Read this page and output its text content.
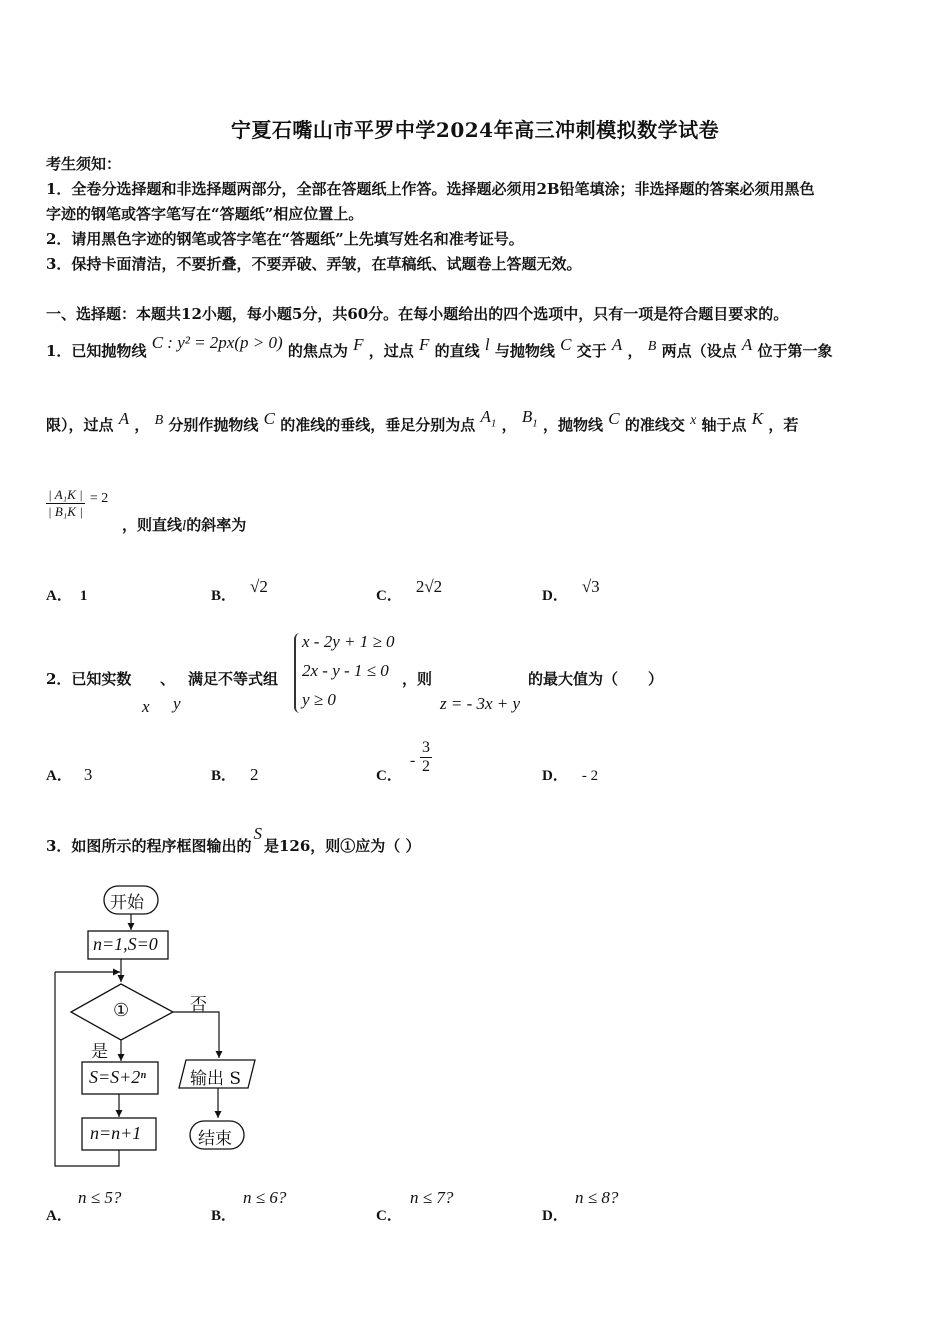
宁夏石嘴山市平罗中学2024年高三冲刺模拟数学试卷
考生须知：
1．全卷分选择题和非选择题两部分，全部在答题纸上作答。选择题必须用2B铅笔填涂；非选择题的答案必须用黑色
字迹的钢笔或答字笔写在“答题纸”相应位置上。
2．请用黑色字迹的钢笔或答字笔在“答题纸”上先填写姓名和准考证号。
3．保持卡面清洁，不要折叠，不要弄破、弄皱，在草稿纸、试题卷上答题无效。
一、选择题：本题共12小题，每小题5分，共60分。在每小题给出的四个选项中，只有一项是符合题目要求的。
1．已知抛物线 C : y² = 2px(p > 0) 的焦点为 F ，过点 F 的直线 l 与抛物线 C 交于 A ， B 两点（设点 A 位于第一象
限），过点 A ， B 分别作抛物线 C 的准线的垂线，垂足分别为点 $A_1$ ， $B_1$ ，抛物线 C 的准线交 x 轴于点 K ，若
$\frac{\text{| A₁K |}}{\text{| B₁K |}} = 2$
，则直线l的斜率为
A． 1	B． √2	C． 2√2	D． √3
2．已知实数 、 满足不等式组
x y
x - 2y + 1 ≥ 0
2x - y - 1 ≤ 0
y ≥ 0
，则
z = - 3x + y
的最大值为（　　）
A． 3	B． 2	C．
- $\frac{3}{2}$	D． - 2
3．如图所示的程序框图输出的S是126，则①应为（ ）
开始
n=1,S=0
①	否
是
S=S+2ⁿ	输出 S
n=n+1	结束
A．
n ≤ 5?
B．
n ≤ 6?
C．
n ≤ 7?
D．
n ≤ 8?
